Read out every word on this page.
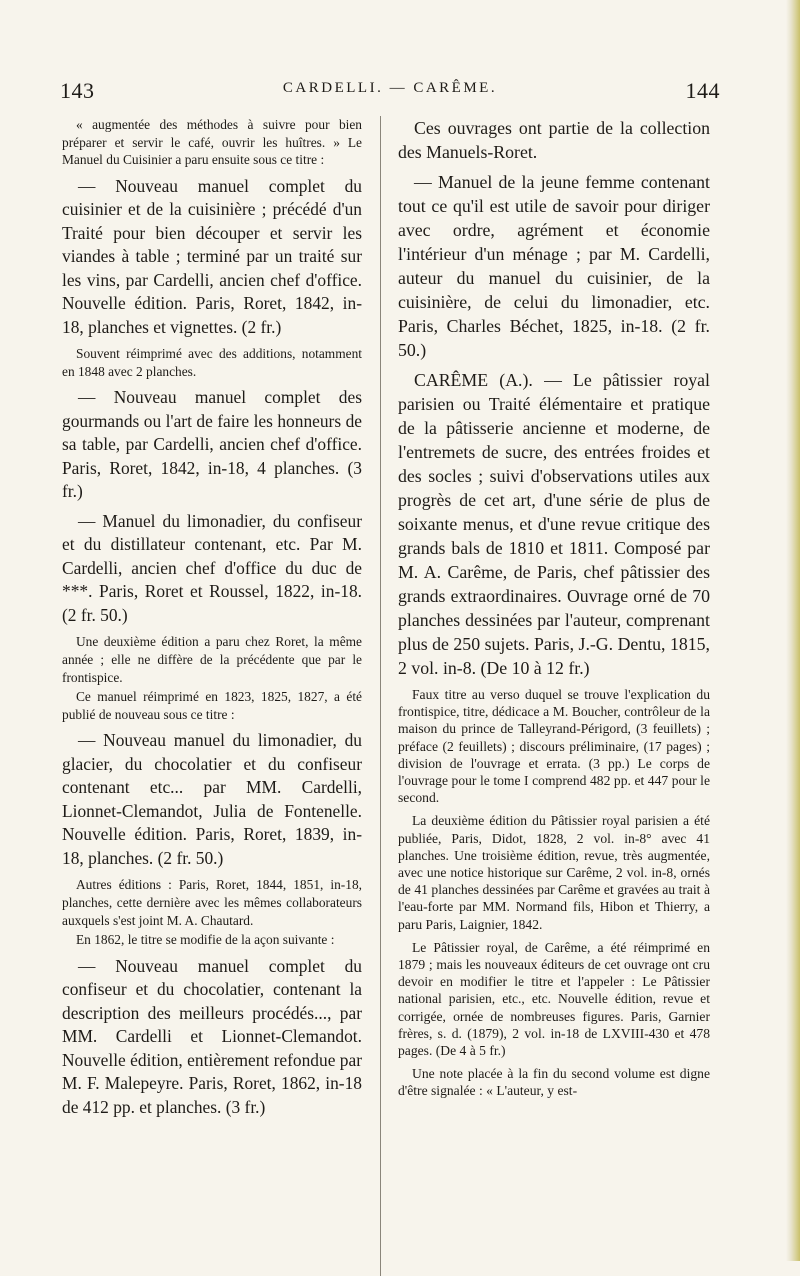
143	CARDELLI. — CARÊME.	144

« augmentée des méthodes à suivre pour bien préparer et servir le café, ouvrir les huîtres. » Le Manuel du Cuisinier a paru ensuite sous ce titre :

— Nouveau manuel complet du cuisinier et de la cuisinière ; précédé d'un Traité pour bien découper et servir les viandes à table ; terminé par un traité sur les vins, par Cardelli, ancien chef d'office. Nouvelle édition. Paris, Roret, 1842, in-18, planches et vignettes. (2 fr.)

Souvent réimprimé avec des additions, notamment en 1848 avec 2 planches.

— Nouveau manuel complet des gourmands ou l'art de faire les honneurs de sa table, par Cardelli, ancien chef d'office. Paris, Roret, 1842, in-18, 4 planches. (3 fr.)

— Manuel du limonadier, du confiseur et du distillateur contenant, etc. Par M. Cardelli, ancien chef d'office du duc de ***. Paris, Roret et Roussel, 1822, in-18. (2 fr. 50.)

Une deuxième édition a paru chez Roret, la même année ; elle ne diffère de la précédente que par le frontispice.

Ce manuel réimprimé en 1823, 1825, 1827, a été publié de nouveau sous ce titre :

— Nouveau manuel du limonadier, du glacier, du chocolatier et du confiseur contenant etc... par MM. Cardelli, Lionnet-Clemandot, Julia de Fontenelle. Nouvelle édition. Paris, Roret, 1839, in-18, planches. (2 fr. 50.)

Autres éditions : Paris, Roret, 1844, 1851, in-18, planches, cette dernière avec les mêmes collaborateurs auxquels s'est joint M. A. Chautard.

En 1862, le titre se modifie de la açon suivante :

— Nouveau manuel complet du confiseur et du chocolatier, contenant la description des meilleurs procédés..., par MM. Cardelli et Lionnet-Clemandot. Nouvelle édition, entièrement refondue par M. F. Malepeyre. Paris, Roret, 1862, in-18 de 412 pp. et planches. (3 fr.)

Ces ouvrages ont partie de la collection des Manuels-Roret.

— Manuel de la jeune femme contenant tout ce qu'il est utile de savoir pour diriger avec ordre, agrément et économie l'intérieur d'un ménage ; par M. Cardelli, auteur du manuel du cuisinier, de la cuisinière, de celui du limonadier, etc. Paris, Charles Béchet, 1825, in-18. (2 fr. 50.)

CARÊME (A.). — Le pâtissier royal parisien ou Traité élémentaire et pratique de la pâtisserie ancienne et moderne, de l'entremets de sucre, des entrées froides et des socles ; suivi d'observations utiles aux progrès de cet art, d'une série de plus de soixante menus, et d'une revue critique des grands bals de 1810 et 1811. Composé par M. A. Carême, de Paris, chef pâtissier des grands extraordinaires. Ouvrage orné de 70 planches dessinées par l'auteur, comprenant plus de 250 sujets. Paris, J.-G. Dentu, 1815, 2 vol. in-8. (De 10 à 12 fr.)

Faux titre au verso duquel se trouve l'explication du frontispice, titre, dédicace a M. Boucher, contrôleur de la maison du prince de Talleyrand-Périgord, (3 feuillets) ; préface (2 feuillets) ; discours préliminaire, (17 pages) ; division de l'ouvrage et errata. (3 pp.) Le corps de l'ouvrage pour le tome I comprend 482 pp. et 447 pour le second.

La deuxième édition du Pâtissier royal parisien a été publiée, Paris, Didot, 1828, 2 vol. in-8° avec 41 planches. Une troisième édition, revue, très augmentée, avec une notice historique sur Carême, 2 vol. in-8, ornés de 41 planches dessinées par Carême et gravées au trait à l'eau-forte par MM. Normand fils, Hibon et Thierry, a paru Paris, Laignier, 1842.

Le Pâtissier royal, de Carême, a été réimprimé en 1879 ; mais les nouveaux éditeurs de cet ouvrage ont cru devoir en modifier le titre et l'appeler : Le Pâtissier national parisien, etc., etc. Nouvelle édition, revue et corrigée, ornée de nombreuses figures. Paris, Garnier frères, s. d. (1879), 2 vol. in-18 de LXVIII-430 et 478 pages. (De 4 à 5 fr.)

Une note placée à la fin du second volume est digne d'être signalée : « L'auteur, y est-
